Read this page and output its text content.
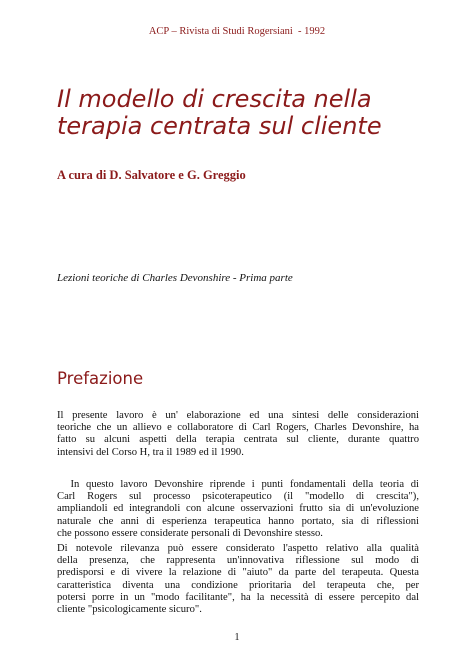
ACP – Rivista di Studi Rogersiani  - 1992
Il modello di crescita nella
terapia centrata sul cliente
A cura di D. Salvatore e G. Greggio
Lezioni teoriche di Charles Devonshire - Prima parte
Prefazione
Il presente lavoro è un' elaborazione ed una sintesi delle considerazioni
teoriche che un allievo e collaboratore di Carl Rogers, Charles Devonshire, ha
fatto su alcuni aspetti della terapia centrata sul cliente, durante quattro
intensivi del Corso H, tra il 1989 ed il 1990.
In questo lavoro Devonshire riprende i punti fondamentali della teoria di
Carl Rogers sul processo psicoterapeutico (il "modello di crescita"),
ampliandoli ed integrandoli con alcune osservazioni frutto sia di un'evoluzione
naturale che anni di esperienza terapeutica hanno portato, sia di riflessioni
che possono essere considerate personali di Devonshire stesso.
Di notevole rilevanza può essere considerato l'aspetto relativo alla qualità
della presenza, che rappresenta un'innovativa riflessione sul modo di
predisporsi e di vivere la relazione di "aiuto" da parte del terapeuta. Questa
caratteristica diventa una condizione prioritaria del terapeuta che, per
potersi porre in un "modo facilitante", ha la necessità di essere percepito dal
cliente "psicologicamente sicuro".
1
